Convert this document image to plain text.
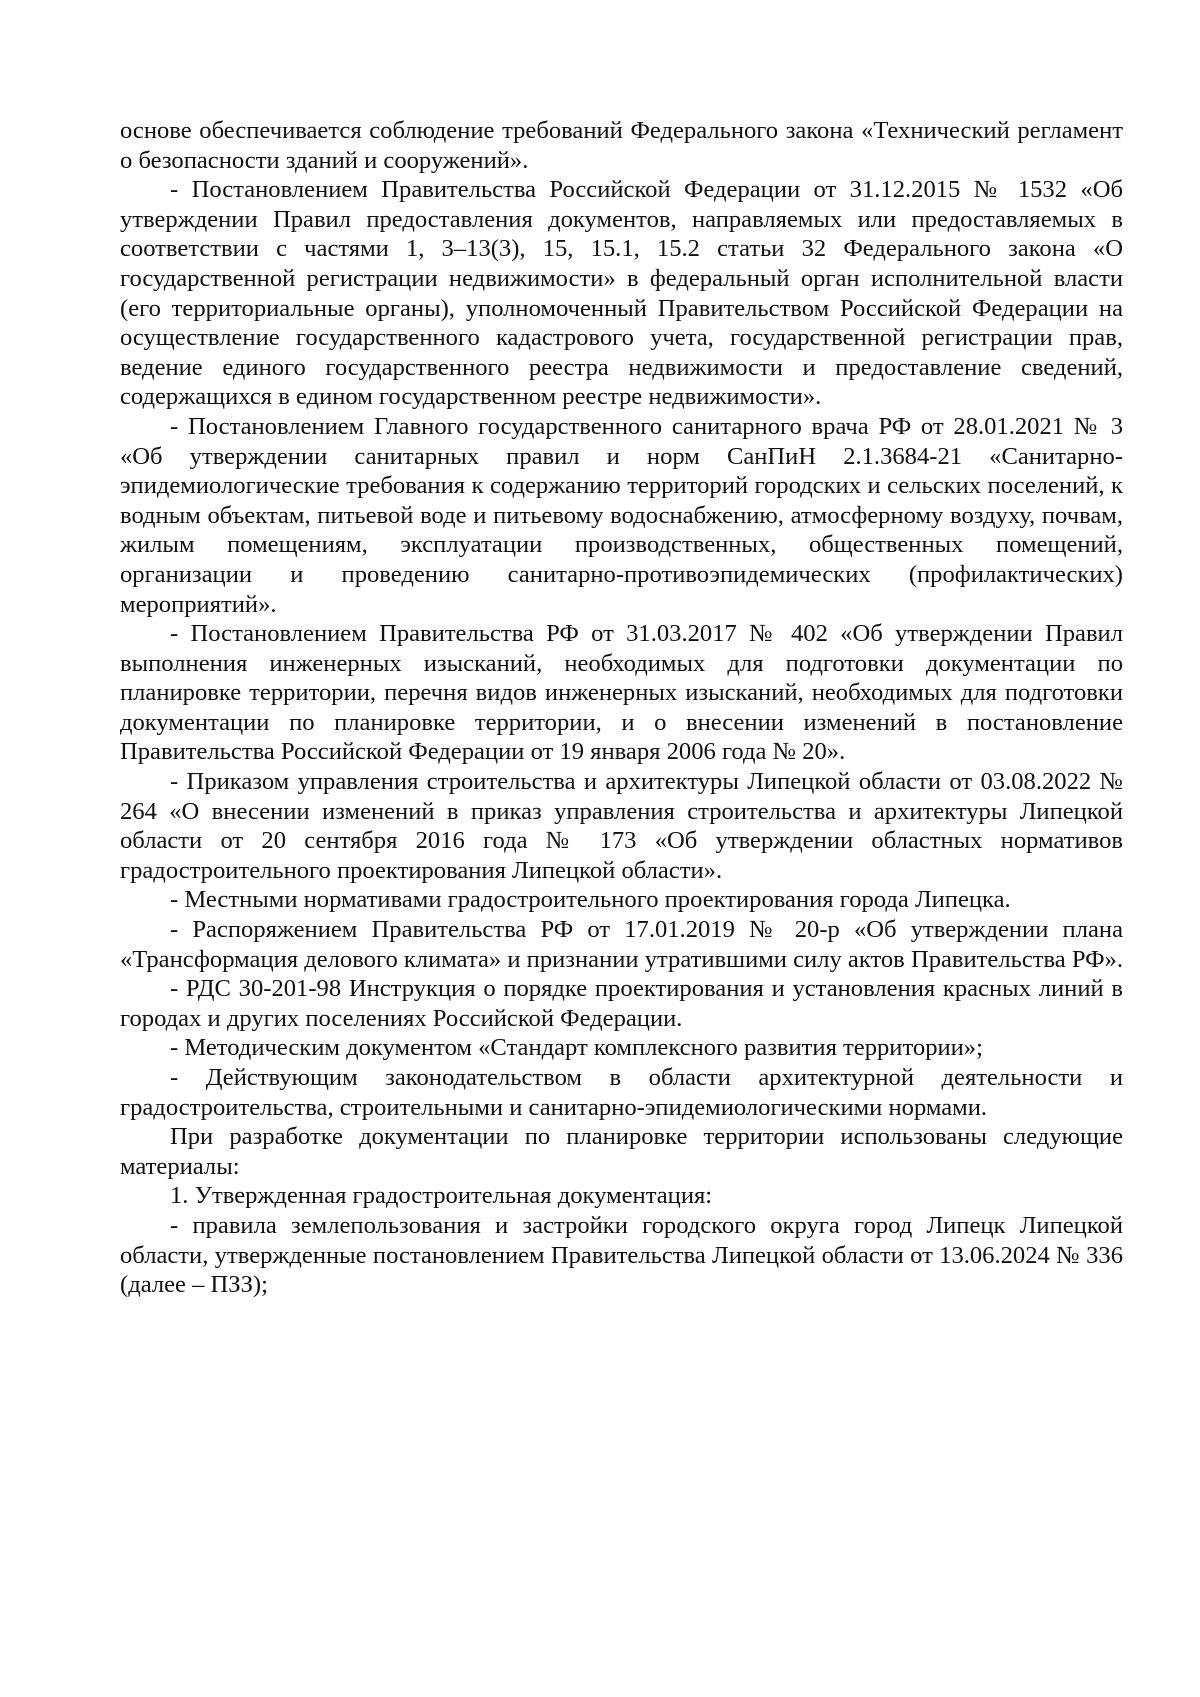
основе обеспечивается соблюдение требований Федерального закона «Технический регламент о безопасности зданий и сооружений».

- Постановлением Правительства Российской Федерации от 31.12.2015 № 1532 «Об утверждении Правил предоставления документов, направляемых или предоставляемых в соответствии с частями 1, 3–13(3), 15, 15.1, 15.2 статьи 32 Федерального закона «О государственной регистрации недвижимости» в федеральный орган исполнительной власти (его территориальные органы), уполномоченный Правительством Российской Федерации на осуществление государственного кадастрового учета, государственной регистрации прав, ведение единого государственного реестра недвижимости и предоставление сведений, содержащихся в едином государственном реестре недвижимости».

- Постановлением Главного государственного санитарного врача РФ от 28.01.2021 № 3 «Об утверждении санитарных правил и норм СанПиН 2.1.3684-21 «Санитарно-эпидемиологические требования к содержанию территорий городских и сельских поселений, к водным объектам, питьевой воде и питьевому водоснабжению, атмосферному воздуху, почвам, жилым помещениям, эксплуатации производственных, общественных помещений, организации и проведению санитарно-противоэпидемических (профилактических) мероприятий».

- Постановлением Правительства РФ от 31.03.2017 № 402 «Об утверждении Правил выполнения инженерных изысканий, необходимых для подготовки документации по планировке территории, перечня видов инженерных изысканий, необходимых для подготовки документации по планировке территории, и о внесении изменений в постановление Правительства Российской Федерации от 19 января 2006 года № 20».

- Приказом управления строительства и архитектуры Липецкой области от 03.08.2022 № 264 «О внесении изменений в приказ управления строительства и архитектуры Липецкой области от 20 сентября 2016 года № 173 «Об утверждении областных нормативов градостроительного проектирования Липецкой области».

- Местными нормативами градостроительного проектирования города Липецка.

- Распоряжением Правительства РФ от 17.01.2019 № 20-р «Об утверждении плана «Трансформация делового климата» и признании утратившими силу актов Правительства РФ».

- РДС 30-201-98 Инструкция о порядке проектирования и установления красных линий в городах и других поселениях Российской Федерации.

- Методическим документом «Стандарт комплексного развития территории»;

- Действующим законодательством в области архитектурной деятельности и градостроительства, строительными и санитарно-эпидемиологическими нормами.

При разработке документации по планировке территории использованы следующие материалы:

1. Утвержденная градостроительная документация:

- правила землепользования и застройки городского округа город Липецк Липецкой области, утвержденные постановлением Правительства Липецкой области от 13.06.2024 № 336 (далее – ПЗЗ);
